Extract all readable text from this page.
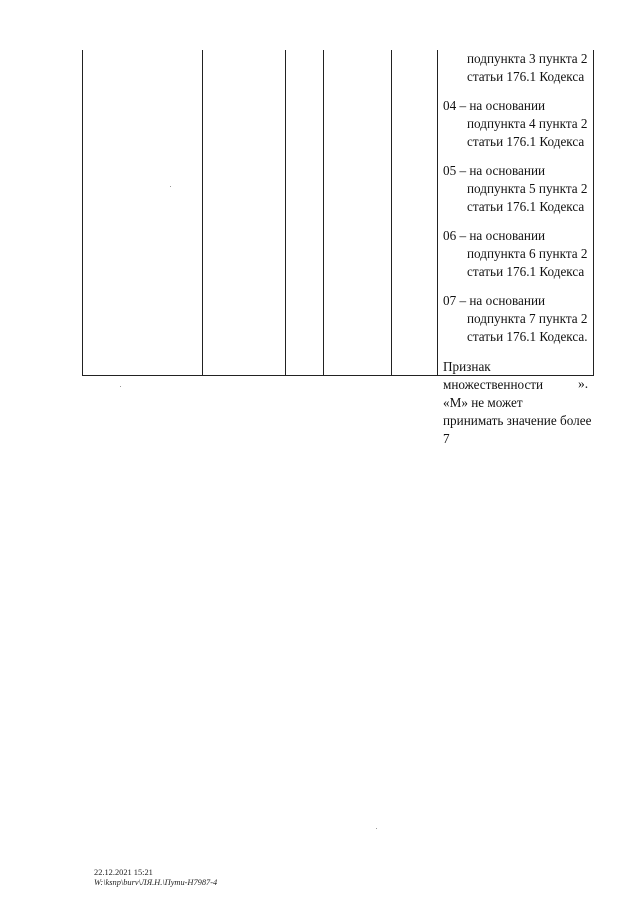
подпункта 3 пункта 2
статьи 176.1 Кодекса
04 – на основании
подпункта 4 пункта 2
статьи 176.1 Кодекса
05 – на основании
подпункта 5 пункта 2
статьи 176.1 Кодекса
06 – на основании
подпункта 6 пункта 2
статьи 176.1 Кодекса
07 – на основании
подпункта 7 пункта 2
статьи 176.1 Кодекса.
Признак множественности
«М» не может
принимать значение более 7
».
22.12.2021 15:21
W:\ksnp\burv\ЛЯ.Н.\Пути-Н7987-4
